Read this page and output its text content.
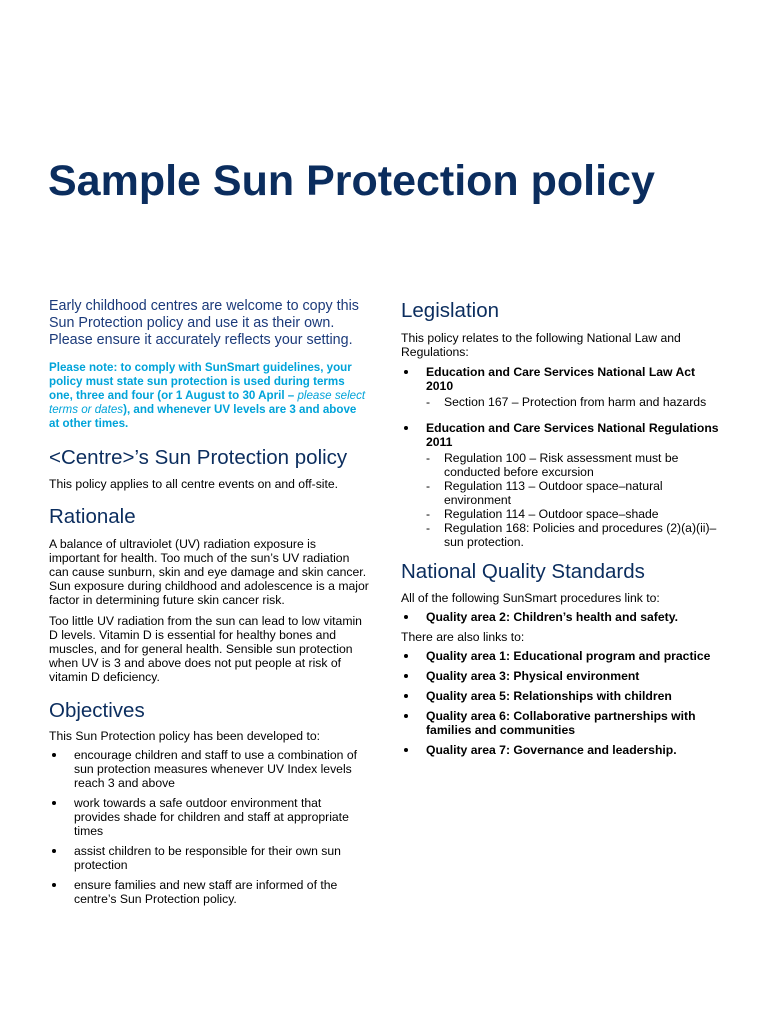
Sample Sun Protection policy

Early childhood centres are welcome to copy this Sun Protection policy and use it as their own. Please ensure it accurately reflects your setting.

Please note: to comply with SunSmart guidelines, your policy must state sun protection is used during terms one, three and four (or 1 August to 30 April – please select terms or dates), and whenever UV levels are 3 and above at other times.

<Centre>’s Sun Protection policy

This policy applies to all centre events on and off-site.

Rationale

A balance of ultraviolet (UV) radiation exposure is important for health. Too much of the sun’s UV radiation can cause sunburn, skin and eye damage and skin cancer. Sun exposure during childhood and adolescence is a major factor in determining future skin cancer risk.

Too little UV radiation from the sun can lead to low vitamin D levels. Vitamin D is essential for healthy bones and muscles, and for general health. Sensible sun protection when UV is 3 and above does not put people at risk of vitamin D deficiency.

Objectives

This Sun Protection policy has been developed to:

encourage children and staff to use a combination of sun protection measures whenever UV Index levels reach 3 and above
work towards a safe outdoor environment that provides shade for children and staff at appropriate times
assist children to be responsible for their own sun protection
ensure families and new staff are informed of the centre’s Sun Protection policy.
Legislation

This policy relates to the following National Law and Regulations:

Education and Care Services National Law Act 2010
- Section 167 – Protection from harm and hazards
Education and Care Services National Regulations 2011
- Regulation 100 – Risk assessment must be conducted before excursion
- Regulation 113 – Outdoor space–natural environment
- Regulation 114 – Outdoor space–shade
- Regulation 168: Policies and procedures (2)(a)(ii)–sun protection.
National Quality Standards

All of the following SunSmart procedures link to:

Quality area 2: Children’s health and safety.

There are also links to:

Quality area 1: Educational program and practice
Quality area 3: Physical environment
Quality area 5: Relationships with children
Quality area 6: Collaborative partnerships with families and communities
Quality area 7: Governance and leadership.
